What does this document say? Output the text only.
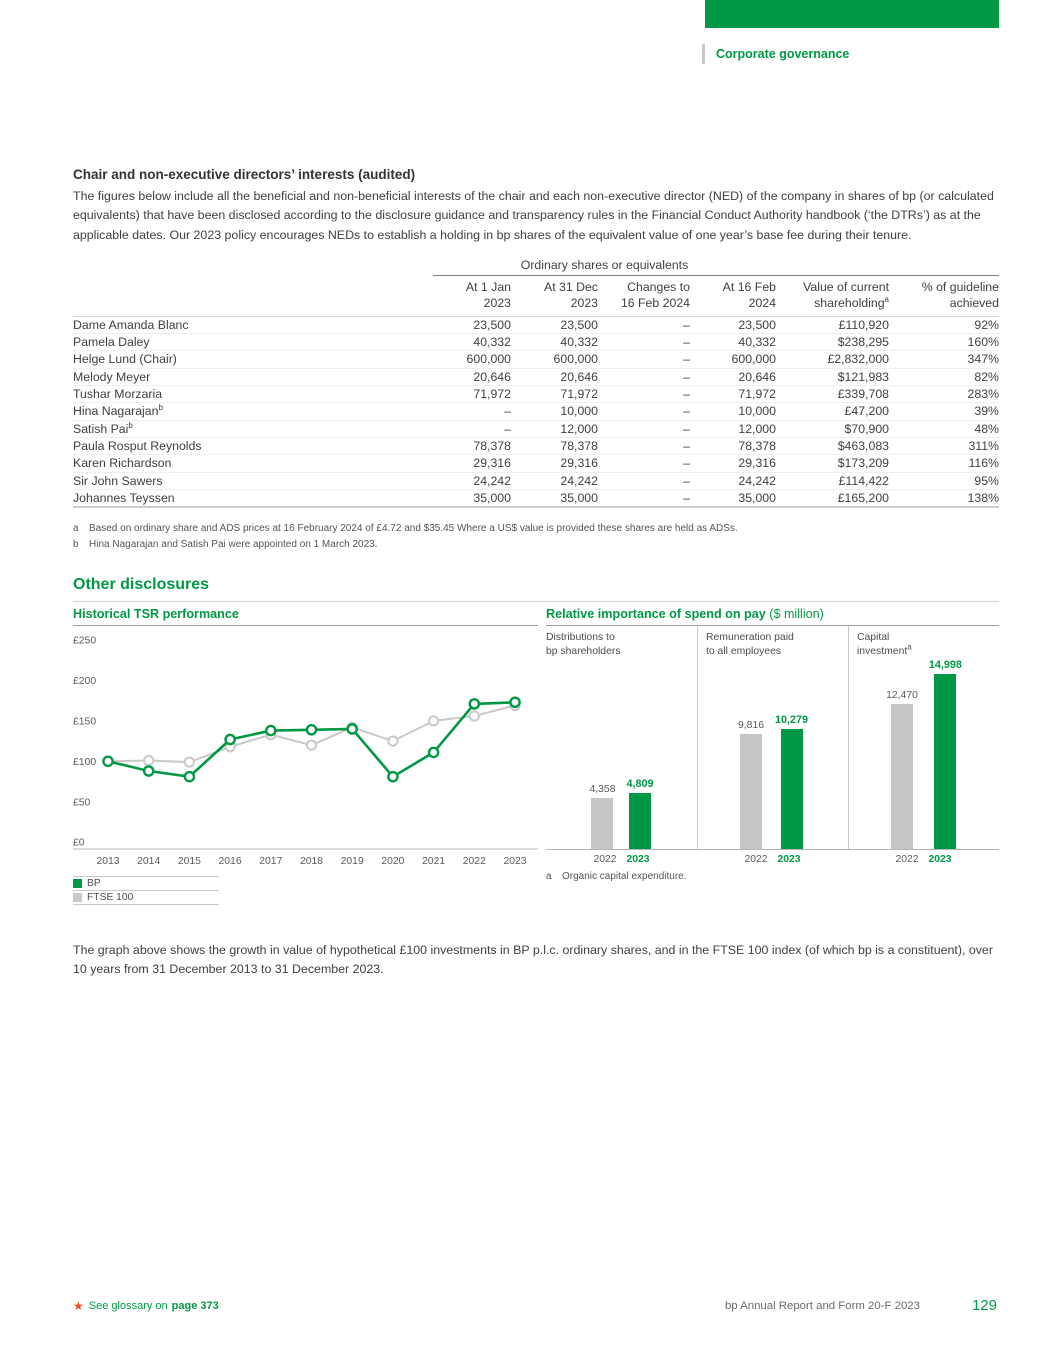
Corporate governance
Chair and non-executive directors’ interests (audited)

The figures below include all the beneficial and non-beneficial interests of the chair and each non-executive director (NED) of the company in shares of bp (or calculated equivalents) that have been disclosed according to the disclosure guidance and transparency rules in the Financial Conduct Authority handbook (‘the DTRs’) as at the applicable dates. Our 2023 policy encourages NEDs to establish a holding in bp shares of the equivalent value of one year’s base fee during their tenure.

	Ordinary shares or equivalents					
	At 1 Jan
2023	At 31 Dec
2023	Changes to
16 Feb 2024	At 16 Feb
2024	Value of current
shareholding$^a$	% of guideline
achieved
Dame Amanda Blanc	23,500	23,500	–	23,500	£110,920	92%
Pamela Daley	40,332	40,332	–	40,332	$238,295	160%
Helge Lund (Chair)	600,000	600,000	–	600,000	£2,832,000	347%
Melody Meyer	20,646	20,646	–	20,646	$121,983	82%
Tushar Morzaria	71,972	71,972	–	71,972	£339,708	283%
Hina Nagarajan$^b$	–	10,000	–	10,000	£47,200	39%
Satish Pai$^b$	–	12,000	–	12,000	$70,900	48%
Paula Rosput Reynolds	78,378	78,378	–	78,378	$463,083	311%
Karen Richardson	29,316	29,316	–	29,316	$173,209	116%
Sir John Sawers	24,242	24,242	–	24,242	£114,422	95%
Johannes Teyssen	35,000	35,000	–	35,000	£165,200	138%
a	Based on ordinary share and ADS prices at 16 February 2024 of £4.72 and $35.45 Where a US$ value is provided these shares are held as ADSs.
b	Hina Nagarajan and Satish Pai were appointed on 1 March 2023.
Other disclosures
Historical TSR performance
£0
£50
£100
£150
£200
£250
2013 2014 2015 2016 2017 2018 2019 2020 2021 2022 2023
BP
FTSE 100
Relative importance of spend on pay ($ million)
Distributions to
bp shareholders
4,358 4,809
Remuneration paid
to all employees
9,816 10,279
Capital
investment$^a$
12,470
14,998
2022 2023	2022 2023	2022 2023
a	Organic capital expenditure.

The graph above shows the growth in value of hypothetical £100 investments in BP p.l.c. ordinary shares, and in the FTSE 100 index (of which bp is a constituent), over 10 years from 31 December 2013 to 31 December 2023.

★ See glossary on page 373	bp Annual Report and Form 20-F 2023	129
